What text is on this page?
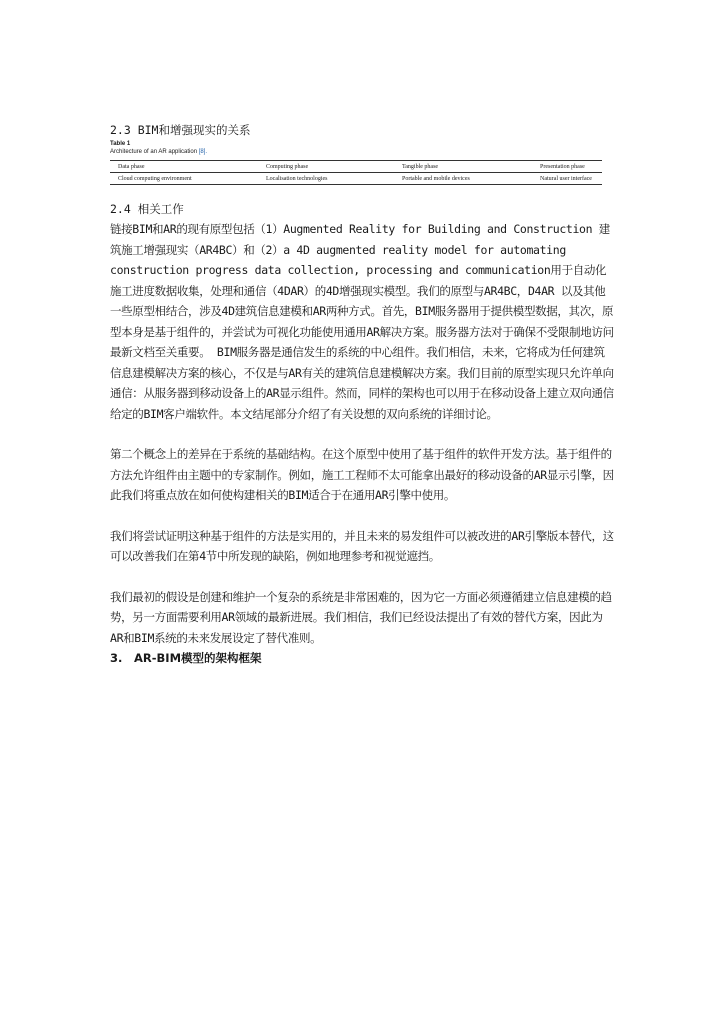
2.3 BIM和增强现实的关系
Table 1
Architecture of an AR application [8].
Data phase	Computing phase	Tangible phase	Presentation phase
Cloud computing environment	Localisation technologies	Portable and mobile devices	Natural user interface
2.4 相关工作

链接BIM和AR的现有原型包括（1）Augmented Reality for Building and Construction 建筑施工增强现实（AR4BC）和（2）a 4D augmented reality model for automating construction progress data collection, processing and communication用于自动化施工进度数据收集，处理和通信（4DAR）的4D增强现实模型。我们的原型与AR4BC，D4AR 以及其他一些原型相结合，涉及4D建筑信息建模和AR两种方式。首先，BIM服务器用于提供模型数据，其次，原型本身是基于组件的，并尝试为可视化功能使用通用AR解决方案。服务器方法对于确保不受限制地访问最新文档至关重要。 BIM服务器是通信发生的系统的中心组件。我们相信，未来，它将成为任何建筑信息建模解决方案的核心，不仅是与AR有关的建筑信息建模解决方案。我们目前的原型实现只允许单向通信：从服务器到移动设备上的AR显示组件。然而，同样的架构也可以用于在移动设备上建立双向通信给定的BIM客户端软件。本文结尾部分介绍了有关设想的双向系统的详细讨论。

第二个概念上的差异在于系统的基础结构。在这个原型中使用了基于组件的软件开发方法。基于组件的方法允许组件由主题中的专家制作。例如，施工工程师不太可能拿出最好的移动设备的AR显示引擎，因此我们将重点放在如何使构建相关的BIM适合于在通用AR引擎中使用。

我们将尝试证明这种基于组件的方法是实用的，并且未来的易发组件可以被改进的AR引擎版本替代，这可以改善我们在第4节中所发现的缺陷，例如地理参考和视觉遮挡。

我们最初的假设是创建和维护一个复杂的系统是非常困难的，因为它一方面必须遵循建立信息建模的趋势，另一方面需要利用AR领域的最新进展。我们相信，我们已经设法提出了有效的替代方案，因此为AR和BIM系统的未来发展设定了替代准则。

3. AR-BIM模型的架构框架
